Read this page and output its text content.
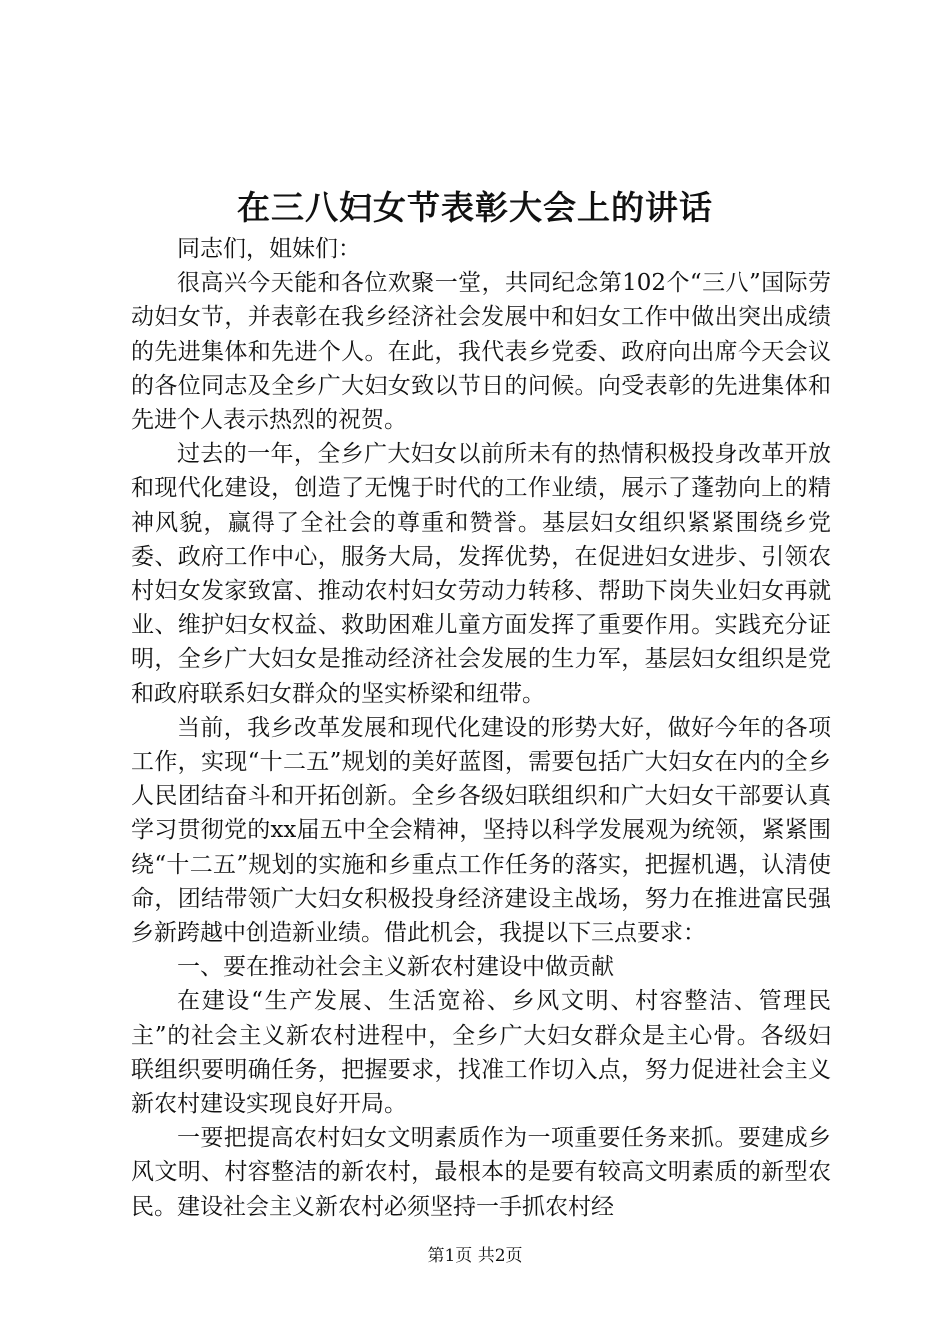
在三八妇女节表彰大会上的讲话

同志们，姐妹们：

很高兴今天能和各位欢聚一堂，共同纪念第102个“三八”国际劳动妇女节，并表彰在我乡经济社会发展中和妇女工作中做出突出成绩的先进集体和先进个人。在此，我代表乡党委、政府向出席今天会议的各位同志及全乡广大妇女致以节日的问候。向受表彰的先进集体和先进个人表示热烈的祝贺。

过去的一年，全乡广大妇女以前所未有的热情积极投身改革开放和现代化建设，创造了无愧于时代的工作业绩，展示了蓬勃向上的精神风貌，赢得了全社会的尊重和赞誉。基层妇女组织紧紧围绕乡党委、政府工作中心，服务大局，发挥优势，在促进妇女进步、引领农村妇女发家致富、推动农村妇女劳动力转移、帮助下岗失业妇女再就业、维护妇女权益、救助困难儿童方面发挥了重要作用。实践充分证明，全乡广大妇女是推动经济社会发展的生力军，基层妇女组织是党和政府联系妇女群众的坚实桥梁和纽带。

当前，我乡改革发展和现代化建设的形势大好，做好今年的各项工作，实现“十二五”规划的美好蓝图，需要包括广大妇女在内的全乡人民团结奋斗和开拓创新。全乡各级妇联组织和广大妇女干部要认真学习贯彻党的xx届五中全会精神，坚持以科学发展观为统领，紧紧围绕“十二五”规划的实施和乡重点工作任务的落实，把握机遇，认清使命，团结带领广大妇女积极投身经济建设主战场，努力在推进富民强乡新跨越中创造新业绩。借此机会，我提以下三点要求：

一、要在推动社会主义新农村建设中做贡献

在建设“生产发展、生活宽裕、乡风文明、村容整洁、管理民主”的社会主义新农村进程中，全乡广大妇女群众是主心骨。各级妇联组织要明确任务，把握要求，找准工作切入点，努力促进社会主义新农村建设实现良好开局。

一要把提高农村妇女文明素质作为一项重要任务来抓。要建成乡风文明、村容整洁的新农村，最根本的是要有较高文明素质的新型农民。建设社会主义新农村必须坚持一手抓农村经

第1页 共2页
